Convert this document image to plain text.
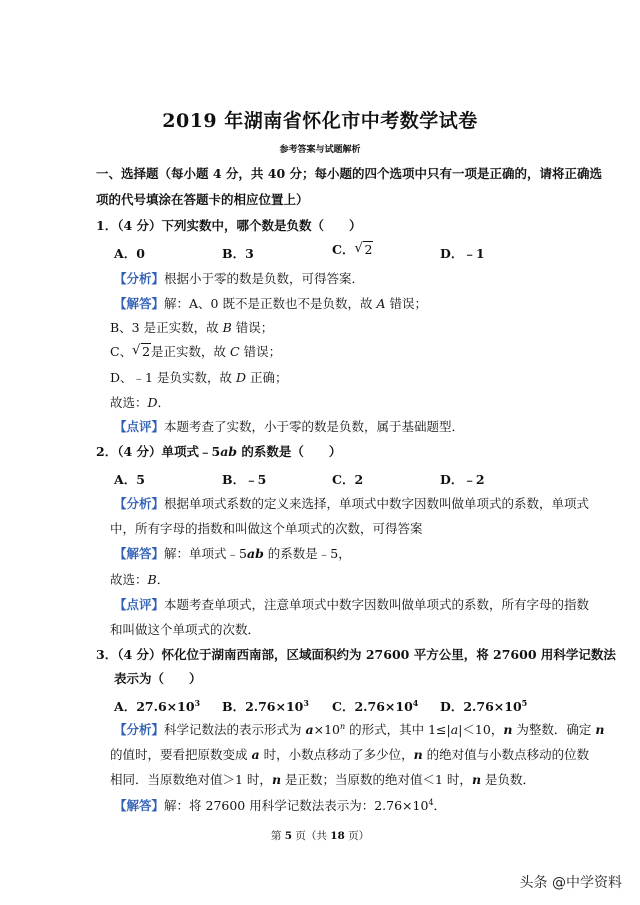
2019 年湖南省怀化市中考数学试卷
参考答案与试题解析
一、选择题（每小题 4 分，共 40 分；每小题的四个选项中只有一项是正确的，请将正确选
项的代号填涂在答题卡的相应位置上）
1．（4 分）下列实数中，哪个数是负数（　　）
A．0	B．3	C． √ 2	D．﹣1
【分析】根据小于零的数是负数，可得答案．
【解答】解：A、0 既不是正数也不是负数，故 A 错误；
B、3 是正实数，故 B 错误；
C、 √ 2是正实数，故 C 错误；
D、﹣1 是负实数，故 D 正确；
故选：D．
【点评】本题考查了实数，小于零的数是负数，属于基础题型．
2．（4 分）单项式﹣5ab 的系数是（　　）
A．5	B．﹣5	C．2	D．﹣2
【分析】根据单项式系数的定义来选择，单项式中数字因数叫做单项式的系数，单项式
中，所有字母的指数和叫做这个单项式的次数，可得答案
【解答】解：单项式﹣5ab 的系数是﹣5，
故选：B．
【点评】本题考查单项式，注意单项式中数字因数叫做单项式的系数，所有字母的指数
和叫做这个单项式的次数．
3．（4 分）怀化位于湖南西南部，区域面积约为 27600 平方公里，将 27600 用科学记数法
表示为（　　）
A．$27.6\times 10^3$ B．$2.76\times 10^3$ C．$2.76\times 10^4$ D．$2.76\times 10^5$
【分析】科学记数法的表示形式为 $a\times 10^n$ 的形式，其中 1≤|a|＜10，n 为整数．确定 n
的值时，要看把原数变成 a 时，小数点移动了多少位，n 的绝对值与小数点移动的位数
相同．当原数绝对值＞1 时，n 是正数；当原数的绝对值＜1 时，n 是负数．
【解答】解：将 27600 用科学记数法表示为：$2.76\times 10^4$．
第 5 页（共 18 页）
头条 @中学资料
